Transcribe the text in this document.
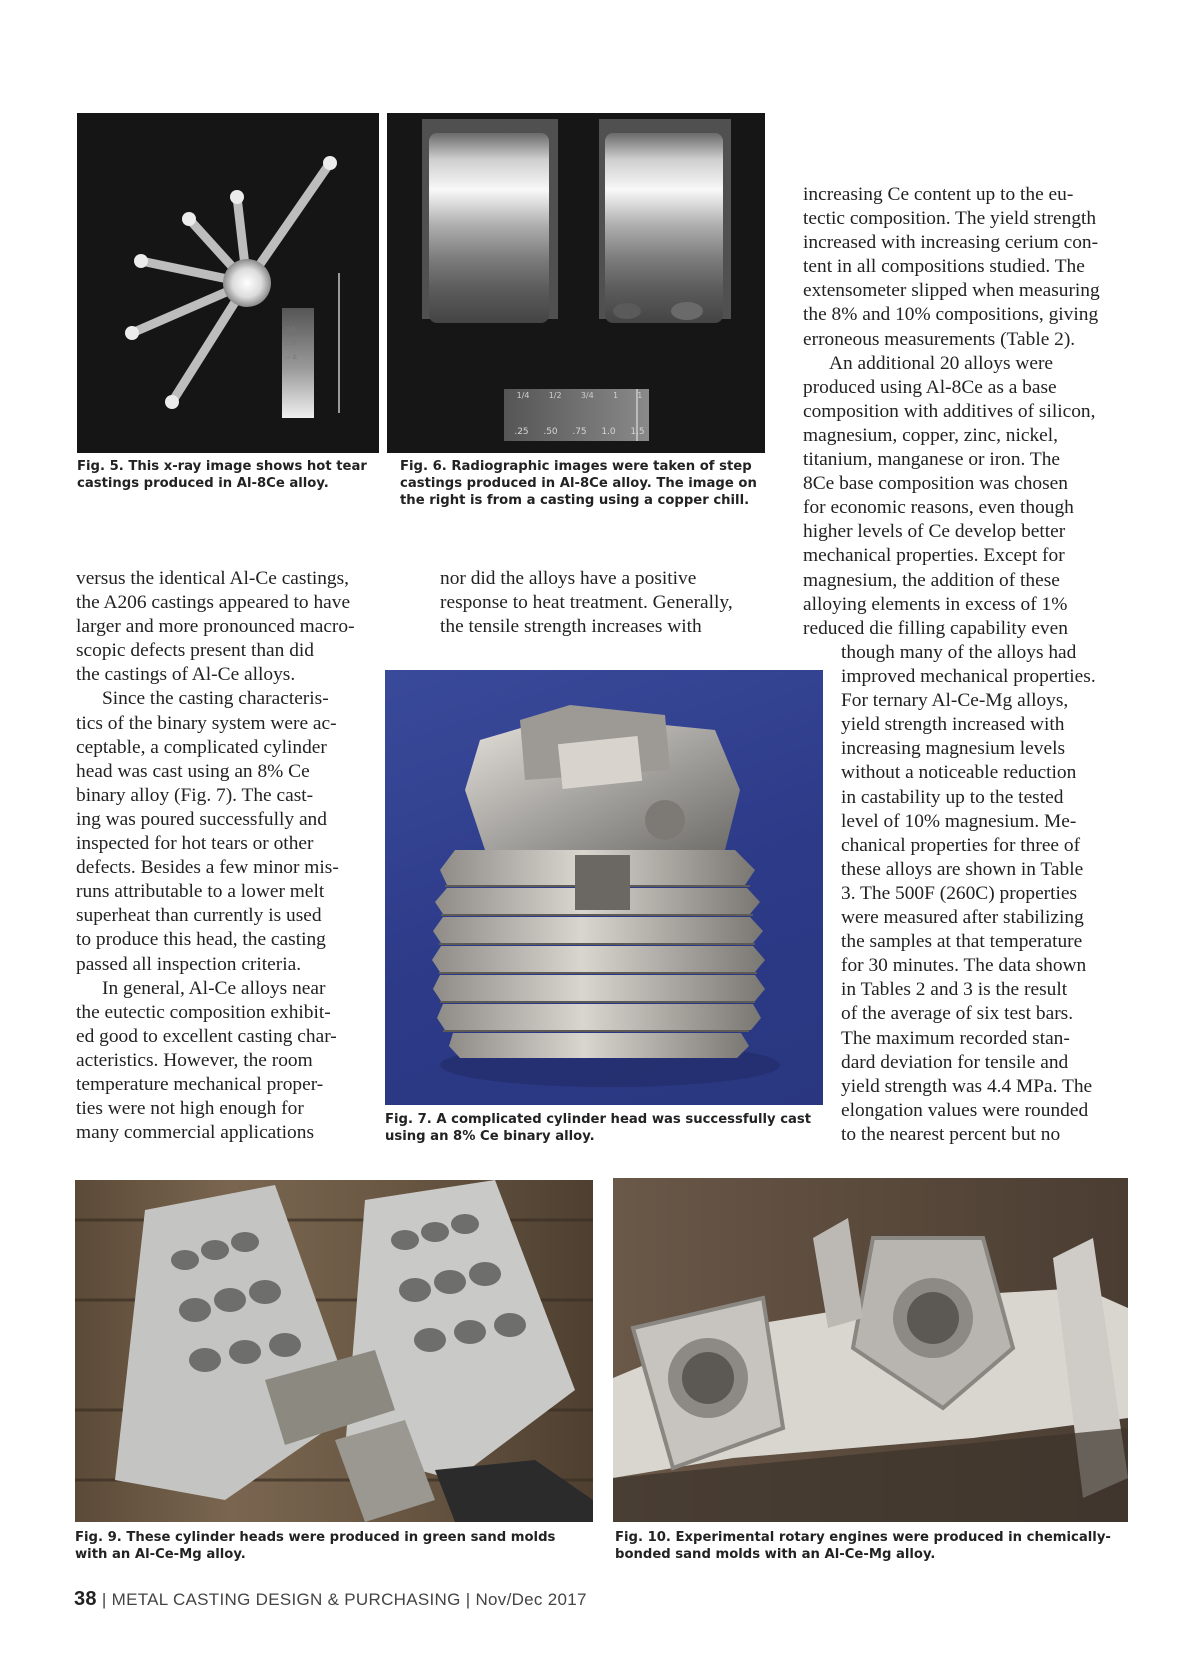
⊐ Δ
⊏ Δ
▭ Δ
1/4 1/2 3/4 1 1
.25 .50 .75 1.0 1.5
Fig. 5. This x-ray image shows hot tear
castings produced in Al-8Ce alloy.
Fig. 6. Radiographic images were taken of step
castings produced in Al-8Ce alloy. The image on
the right is from a casting using a copper chill.
versus the identical Al-Ce castings,
the A206 castings appeared to have
larger and more pronounced macro-
scopic defects present than did
the castings of Al-Ce alloys.
Since the casting characteris-
tics of the binary system were ac-
ceptable, a complicated cylinder
head was cast using an 8% Ce
binary alloy (Fig. 7). The cast-
ing was poured successfully and
inspected for hot tears or other
defects. Besides a few minor mis-
runs attributable to a lower melt
superheat than currently is used
to produce this head, the casting
passed all inspection criteria.
In general, Al-Ce alloys near
the eutectic composition exhibit-
ed good to excellent casting char-
acteristics. However, the room
temperature mechanical proper-
ties were not high enough for
many commercial applications
nor did the alloys have a positive
response to heat treatment. Generally,
the tensile strength increases with
increasing Ce content up to the eu-
tectic composition. The yield strength
increased with increasing cerium con-
tent in all compositions studied. The
extensometer slipped when measuring
the 8% and 10% compositions, giving
erroneous measurements (Table 2).
An additional 20 alloys were
produced using Al-8Ce as a base
composition with additives of silicon,
magnesium, copper, zinc, nickel,
titanium, manganese or iron. The
8Ce base composition was chosen
for economic reasons, even though
higher levels of Ce develop better
mechanical properties. Except for
magnesium, the addition of these
alloying elements in excess of 1%
reduced die filling capability even
though many of the alloys had
improved mechanical properties.
For ternary Al-Ce-Mg alloys,
yield strength increased with
increasing magnesium levels
without a noticeable reduction
in castability up to the tested
level of 10% magnesium. Me-
chanical properties for three of
these alloys are shown in Table
3. The 500F (260C) properties
were measured after stabilizing
the samples at that temperature
for 30 minutes. The data shown
in Tables 2 and 3 is the result
of the average of six test bars.
The maximum recorded stan-
dard deviation for tensile and
yield strength was 4.4 MPa. The
elongation values were rounded
to the nearest percent but no
Fig. 7. A complicated cylinder head was successfully cast
using an 8% Ce binary alloy.
Fig. 9. These cylinder heads were produced in green sand molds
with an Al-Ce-Mg alloy.
Fig. 10. Experimental rotary engines were produced in chemically-
bonded sand molds with an Al-Ce-Mg alloy.
38 | METAL CASTING DESIGN & PURCHASING | Nov/Dec 2017
